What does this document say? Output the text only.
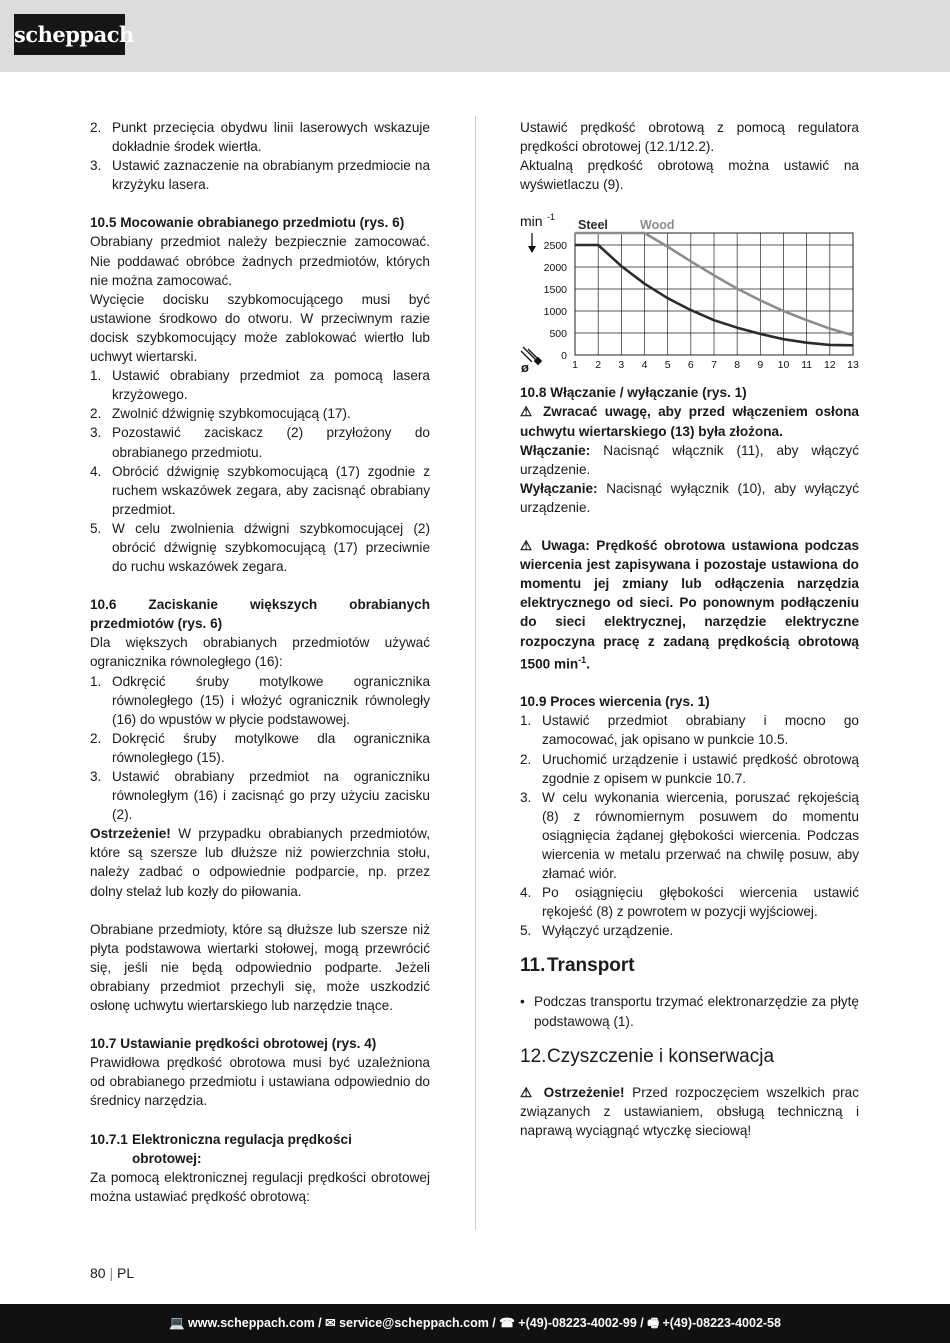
scheppach
2. Punkt przecięcia obydwu linii laserowych wskazuje dokładnie środek wiertła.
3. Ustawić zaznaczenie na obrabianym przedmiocie na krzyżyku lasera.

10.5 Mocowanie obrabianego przedmiotu (rys. 6)

Obrabiany przedmiot należy bezpiecznie zamocować. Nie poddawać obróbce żadnych przedmiotów, których nie można zamocować.

Wycięcie docisku szybkomocującego musi być ustawione środkowo do otworu. W przeciwnym razie docisk szybkomocujący może zablokować wiertło lub uchwyt wiertarski.

1. Ustawić obrabiany przedmiot za pomocą lasera krzyżowego.
2. Zwolnić dźwignię szybkomocującą (17).
3. Pozostawić zaciskacz (2) przyłożony do obrabianego przedmiotu.
4. Obrócić dźwignię szybkomocującą (17) zgodnie z ruchem wskazówek zegara, aby zacisnąć obrabiany przedmiot.
5. W celu zwolnienia dźwigni szybkomocującej (2) obrócić dźwignię szybkomocującą (17) przeciwnie do ruchu wskazówek zegara.

10.6 Zaciskanie większych obrabianych przedmiotów (rys. 6)

Dla większych obrabianych przedmiotów używać ogranicznika równoległego (16):

1. Odkręcić śruby motylkowe ogranicznika równoległego (15) i włożyć ogranicznik równoległy (16) do wpustów w płycie podstawowej.
2. Dokręcić śruby motylkowe dla ogranicznika równoległego (15).
3. Ustawić obrabiany przedmiot na ograniczniku równoległym (16) i zacisnąć go przy użyciu zacisku (2).

Ostrzeżenie! W przypadku obrabianych przedmiotów, które są szersze lub dłuższe niż powierzchnia stołu, należy zadbać o odpowiednie podparcie, np. przez dolny stelaż lub kozły do piłowania.

Obrabiane przedmioty, które są dłuższe lub szersze niż płyta podstawowa wiertarki stołowej, mogą przewrócić się, jeśli nie będą odpowiednio podparte. Jeżeli obrabiany przedmiot przechyli się, może uszkodzić osłonę uchwytu wiertarskiego lub narzędzie tnące.

10.7 Ustawianie prędkości obrotowej (rys. 4)

Prawidłowa prędkość obrotowa musi być uzależniona od obrabianego przedmiotu i ustawiana odpowiednio do średnicy narzędzia.

10.7.1 Elektroniczna regulacja prędkości
obrotowej:

Za pomocą elektronicznej regulacji prędkości obrotowej można ustawiać prędkość obrotową:

Ustawić prędkość obrotową z pomocą regulatora prędkości obrotowej (12.1/12.2).

Aktualną prędkość obrotową można ustawić na wyświetlaczu (9).

1 2 3 4 5 6 7 8 9 10 11 12 13
0
500
1000
1500
2000
2500
min -1
ø
Steel	Wood

10.8 Włączanie / wyłączanie (rys. 1)

⚠ Zwracać uwagę, aby przed włączeniem osłona uchwytu wiertarskiego (13) była złożona.

Włączanie: Nacisnąć włącznik (11), aby włączyć urządzenie.

Wyłączanie: Nacisnąć wyłącznik (10), aby wyłączyć urządzenie.

⚠ Uwaga: Prędkość obrotowa ustawiona podczas wiercenia jest zapisywana i pozostaje ustawiona do momentu jej zmiany lub odłączenia narzędzia elektrycznego od sieci. Po ponownym podłączeniu do sieci elektrycznej, narzędzie elektryczne rozpoczyna pracę z zadaną prędkością obrotową 1500 $\min^{-1}$.

10.9 Proces wiercenia (rys. 1)

1. Ustawić przedmiot obrabiany i mocno go zamocować, jak opisano w punkcie 10.5.
2. Uruchomić urządzenie i ustawić prędkość obrotową zgodnie z opisem w punkcie 10.7.
3. W celu wykonania wiercenia, poruszać rękojeścią (8) z równomiernym posuwem do momentu osiągnięcia żądanej głębokości wiercenia. Podczas wiercenia w metalu przerwać na chwilę posuw, aby złamać wiór.
4. Po osiągnięciu głębokości wiercenia ustawić rękojeść (8) z powrotem w pozycji wyjściowej.
5. Wyłączyć urządzenie.
11. Transport
• Podczas transportu trzymać elektronarzędzie za płytę podstawową (1).
12. Czyszczenie i konserwacja

⚠ Ostrzeżenie! Przed rozpoczęciem wszelkich prac związanych z ustawianiem, obsługą techniczną i naprawą wyciągnąć wtyczkę sieciową!

80 | PL
💻 www.scheppach.com / ✉ service@scheppach.com / ☎ +(49)-08223-4002-99 / 🖷 +(49)-08223-4002-58
